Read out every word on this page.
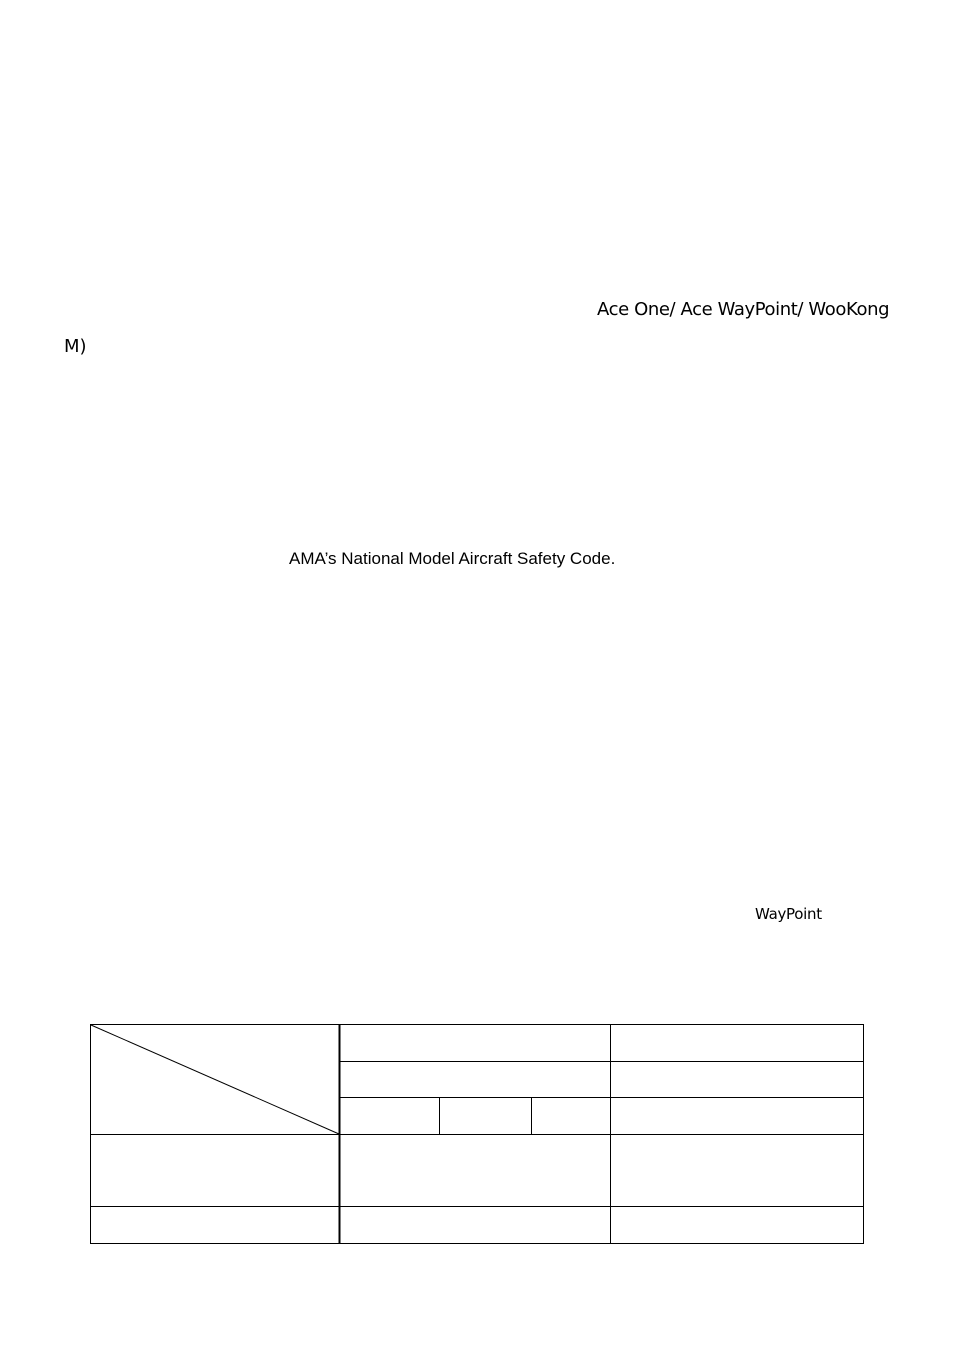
Ace One/ Ace WayPoint/ WooKong
M)
AMA’s National Model Aircraft Safety Code.
WayPoint
